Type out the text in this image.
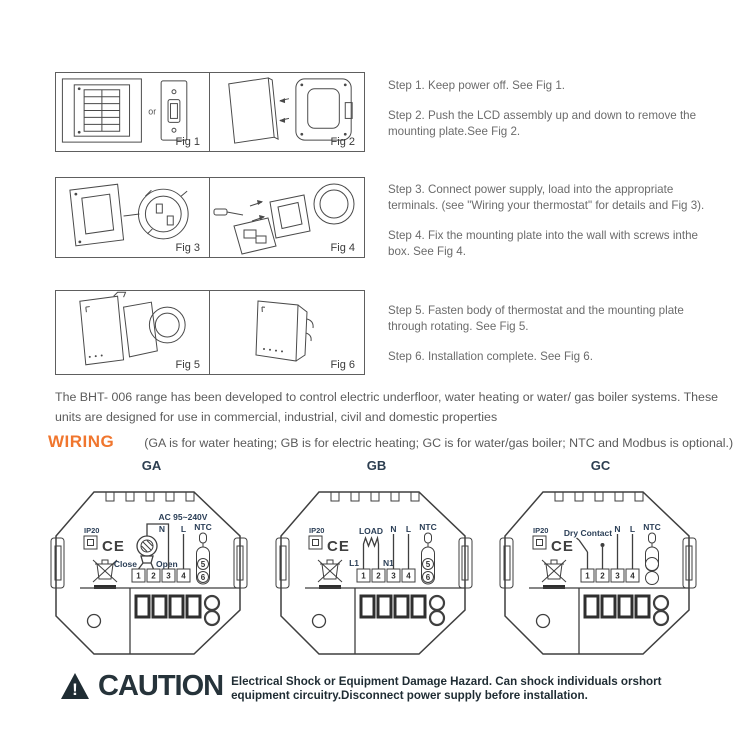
or
Fig 1	Fig 2
Fig 3	Fig 4
Fig 5	Fig 6

Step 1. Keep power off. See Fig 1.

Step 2. Push the LCD assembly up and down to remove the mounting plate.See Fig 2.

Step 3. Connect power supply, load into the appropriate terminals. (see "Wiring your thermostat" for details and Fig 3).

Step 4. Fix the mounting plate into the wall with screws inthe box. See Fig 4.

Step 5. Fasten body of thermostat and the mounting plate through rotating. See Fig 5.

Step 6. Installation complete. See Fig 6.

The BHT- 006 range has been developed to control electric underfloor, water heating or water/ gas boiler systems. These units are designed for use in commercial, industrial, civil and domestic properties
WIRING (GA is for water heating; GB is for electric heating; GC is for water/gas boiler; NTC and Modbus is optional.)
GA
IP20
CE
AC 95~240V
Close Open
N L
1 2 3 4
NTC
5
6
GB
IP20
CE
LOAD
L1	N1
N L
1 2 3 4
NTC
5
6
GC
IP20
CE
Dry Contact N L
1 2 3 4
NTC
! CAUTION Electrical Shock or Equipment Damage Hazard. Can shock individuals orshort equipment circuitry.Disconnect power supply before installation.
